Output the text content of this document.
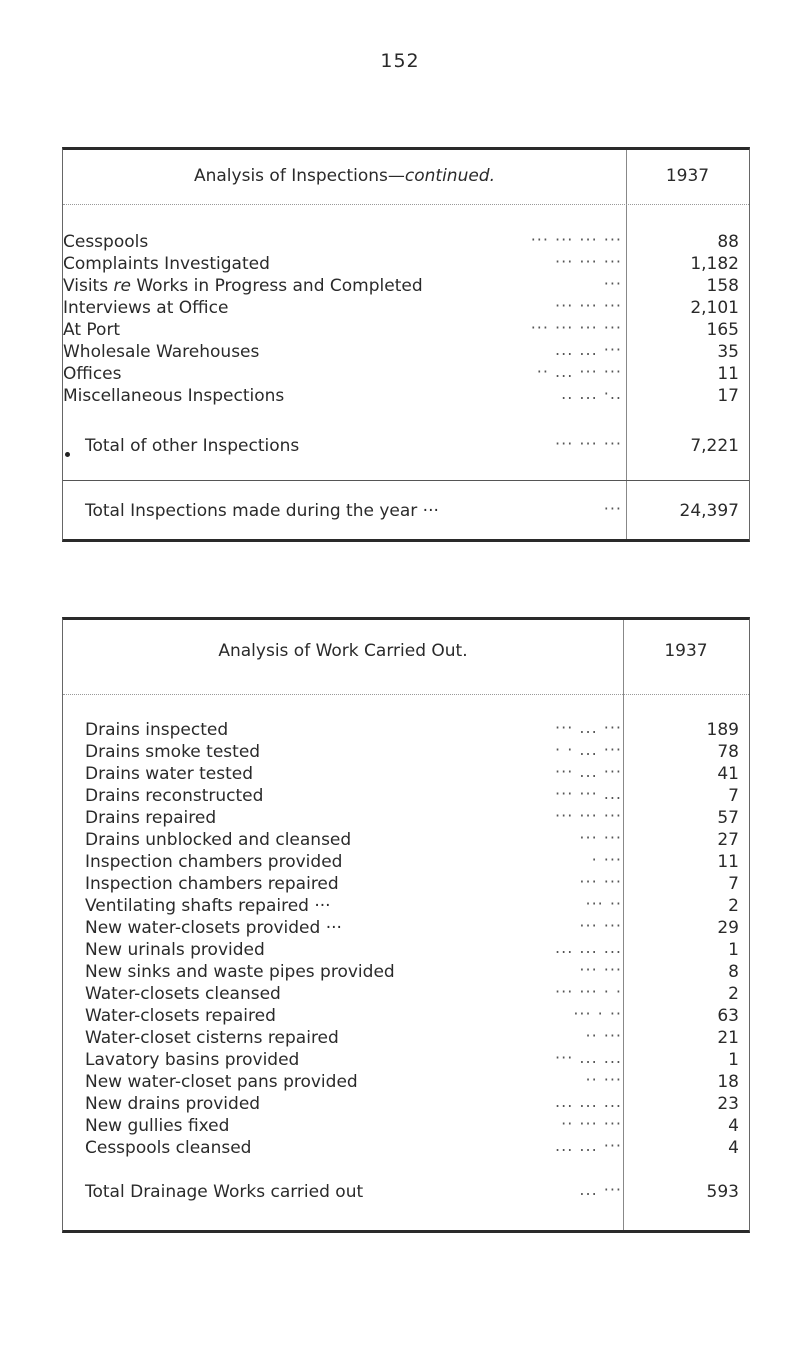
152
Analysis of Inspections—continued.	1937
Cesspools	··· ··· ··· ···	88
Complaints Investigated	··· ··· ···	1,182
Visits re Works in Progress and Completed	···	158
Interviews at Office	··· ··· ···	2,101
At Port	··· ··· ··· ···	165
Wholesale Warehouses	... ... ···	35
Offices	·· ... ··· ···	11
Miscellaneous Inspections	.. ... ·..	17
Total of other Inspections	··· ··· ···	7,221
Total Inspections made during the year ···	···	24,397
Analysis of Work Carried Out.	1937
Drains inspected	··· ... ···	189
Drains smoke tested	· · ... ···	78
Drains water tested	··· ... ···	41
Drains reconstructed	··· ··· ...	7
Drains repaired	··· ··· ···	57
Drains unblocked and cleansed	··· ···	27
Inspection chambers provided	· ···	11
Inspection chambers repaired	··· ···	7
Ventilating shafts repaired ···	··· ··	2
New water-closets provided ···	··· ···	29
New urinals provided	... ... ...	1
New sinks and waste pipes provided	··· ···	8
Water-closets cleansed	··· ··· · ·	2
Water-closets repaired	··· · ··	63
Water-closet cisterns repaired	·· ···	21
Lavatory basins provided	··· ... ...	1
New water-closet pans provided	·· ···	18
New drains provided	... ... ...	23
New gullies fixed	·· ··· ···	4
Cesspools cleansed	... ... ···	4
Total Drainage Works carried out	... ···	593
